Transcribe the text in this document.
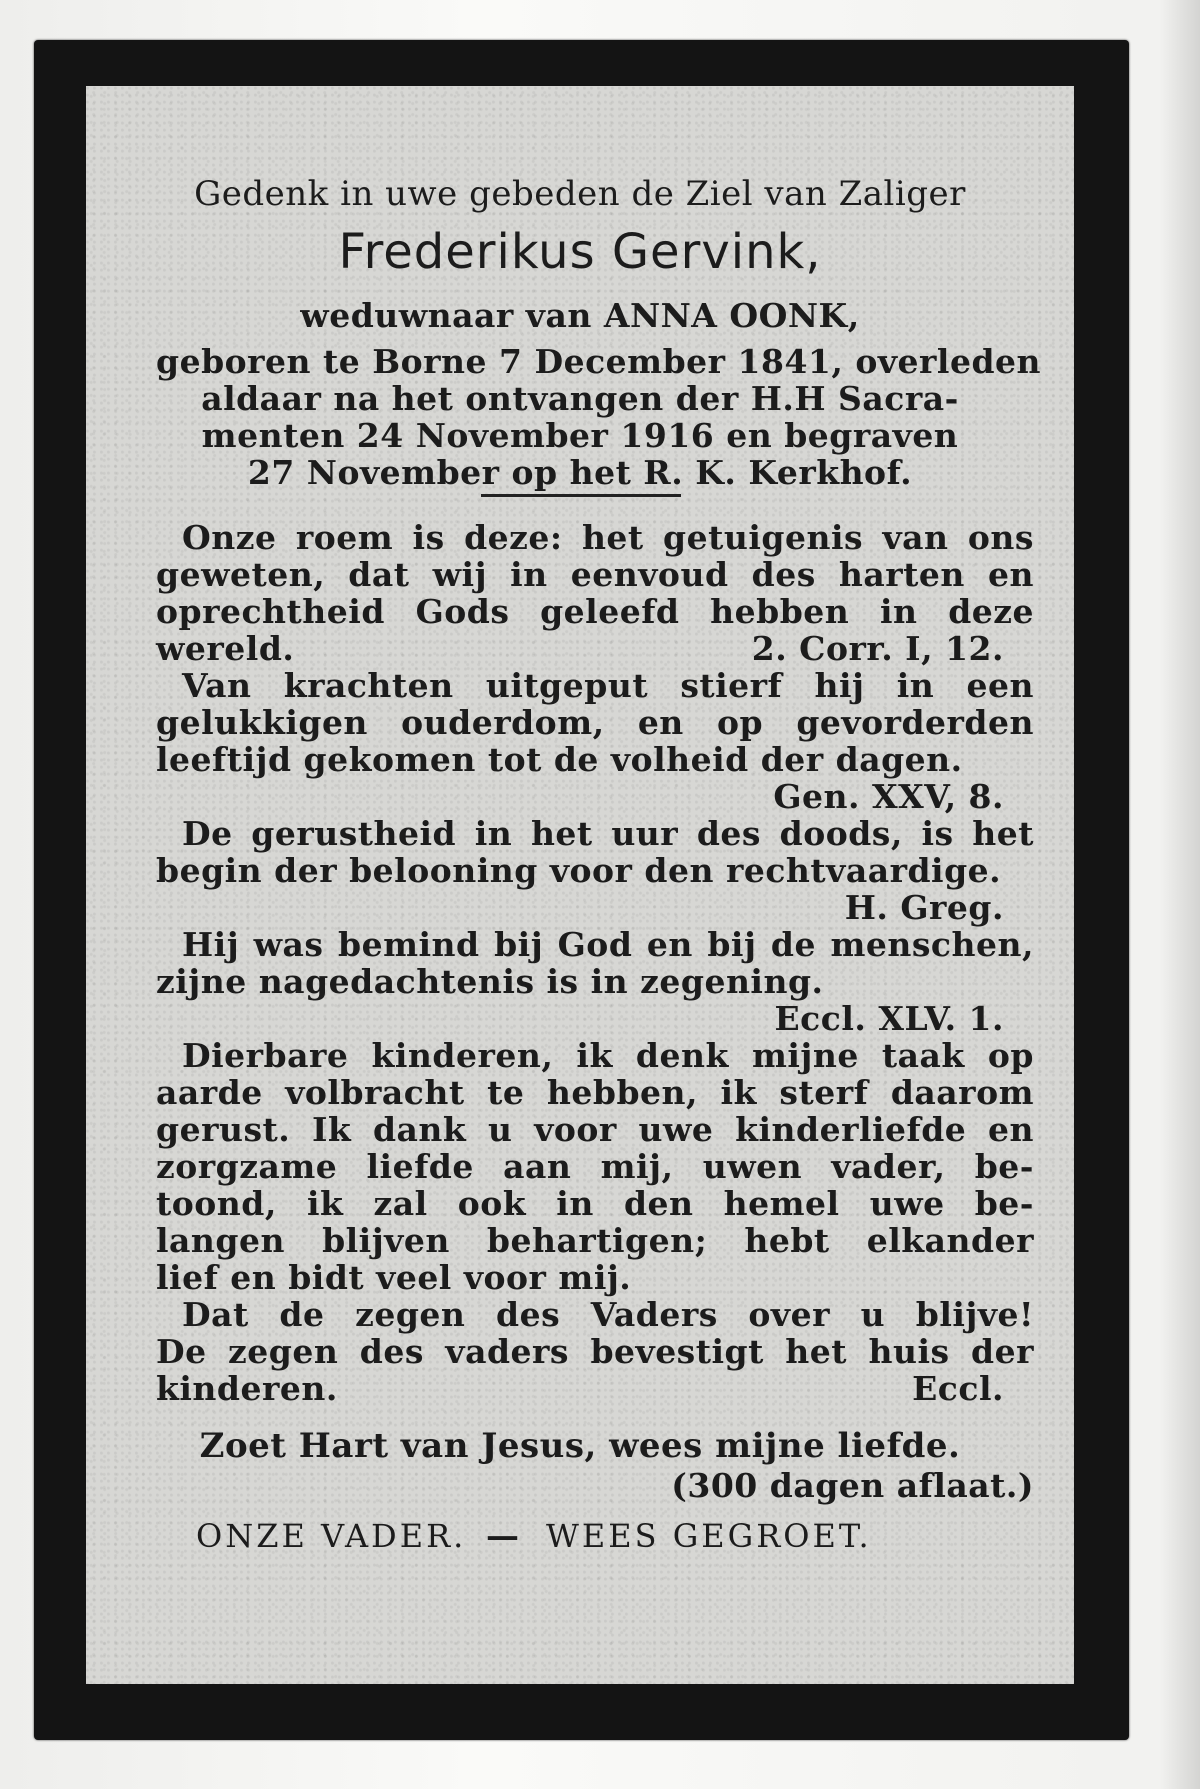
Gedenk in uwe gebeden de Ziel van Zaliger
Frederikus Gervink,
weduwnaar van ANNA OONK,
geboren te Borne 7 December 1841, overleden
aldaar na het ontvangen der H.H Sacra-
menten 24 November 1916 en begraven
27 November op het R. K. Kerkhof.
Onze roem is deze: het getuigenis van ons
geweten, dat wij in eenvoud des harten en
oprechtheid Gods geleefd hebben in deze
wereld.	2. Corr. I, 12.
Van krachten uitgeput stierf hij in een
gelukkigen ouderdom, en op gevorderden
leeftijd gekomen tot de volheid der dagen.
Gen. XXV, 8.
De gerustheid in het uur des doods, is het
begin der belooning voor den rechtvaardige.
H. Greg.
Hij was bemind bij God en bij de menschen,
zijne nagedachtenis is in zegening.
Eccl. XLV. 1.
Dierbare kinderen, ik denk mijne taak op
aarde volbracht te hebben, ik sterf daarom
gerust. Ik dank u voor uwe kinderliefde en
zorgzame liefde aan mij, uwen vader, be-
toond, ik zal ook in den hemel uwe be-
langen blijven behartigen; hebt elkander
lief en bidt veel voor mij.
Dat de zegen des Vaders over u blijve!
De zegen des vaders bevestigt het huis der
kinderen.	Eccl.
Zoet Hart van Jesus, wees mijne liefde.
(300 dagen aflaat.)
ONZE VADER. — WEES GEGROET.
